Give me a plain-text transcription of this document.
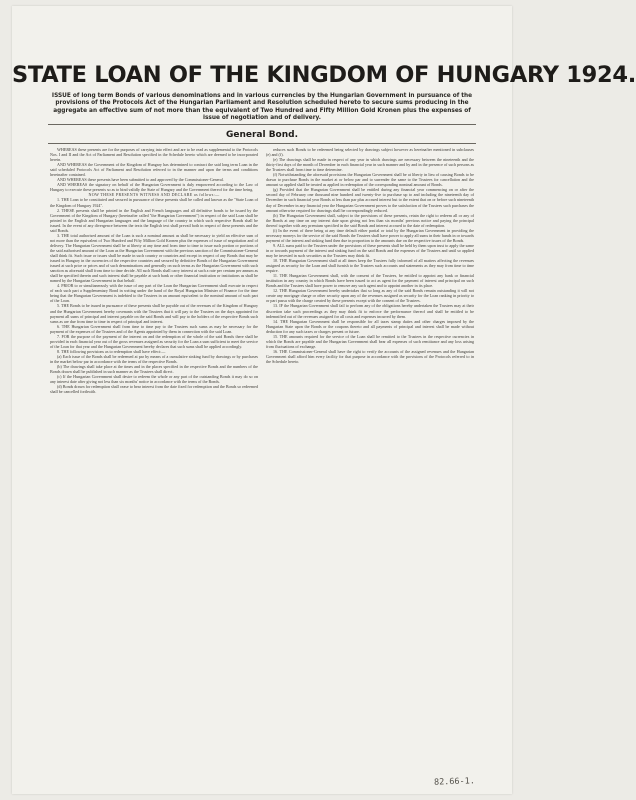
STATE LOAN OF THE KINGDOM OF HUNGARY 1924.
ISSUE of long term Bonds of various denominations and in various currencies by the Hungarian Government in pursuance of the provisions of the Protocols Act of the Hungarian Parliament and Resolution scheduled hereto to secure sums producing in the aggregate an effective sum of not more than the equivalent of Two Hundred and Fifty Million Gold Kronen plus the expenses of issue of negotiation and of delivery.
General Bond.

WHEREAS these presents are for the purposes of carrying into effect and are to be read as supplemental to the Protocols Nos. I and II and the Act of Parliament and Resolution specified in the Schedule hereto which are deemed to be incorporated herein.

AND WHEREAS the Government of the Kingdom of Hungary has determined to contract the said long term Loan in the said scheduled Protocols Act of Parliament and Resolution referred to in the manner and upon the terms and conditions hereinafter contained.

AND WHEREAS these presents have been submitted to and approved by the Commissioner-General.

AND WHEREAS the signatory on behalf of the Hungarian Government is duly empowered according to the Law of Hungary to execute these presents so as to bind validly the State of Hungary and the Government thereof for the time being.

NOW THESE PRESENTS WITNESS AND DECLARE as follows:—

1. THE Loan to be constituted and secured in pursuance of these presents shall be called and known as the "State Loan of the Kingdom of Hungary 1924".

2. THESE presents shall be printed in the English and French languages and all definitive bonds to be issued by the Government of the Kingdom of Hungary (hereinafter called "the Hungarian Government") in respect of the said Loan shall be printed in the English and Hungarian languages and the language of the country in which such respective Bonds shall be issued. In the event of any divergence between the texts the English text shall prevail both in respect of these presents and the said Bonds.

3. THE total authorised amount of the Loan is such a nominal amount as shall be necessary to yield an effective sum of not more than the equivalent of Two Hundred and Fifty Million Gold Kronen plus the expenses of issue of negotiation and of delivery. The Hungarian Government shall be at liberty at any time and from time to time to issue such portion or portions of the said authorised amount of the Loan as the Hungarian Government with the previous sanction of the Commissioner-General shall think fit. Such issue or issues shall be made in such country or countries and except in respect of any Bonds that may be issued in Hungary in the currencies of the respective countries and secured by definitive Bonds of the Hungarian Government issued at such price or prices and of such denominations and generally on such terms as the Hungarian Government with such sanction as aforesaid shall from time to time decide. All such Bonds shall carry interest at such a rate per centum per annum as shall be specified therein and such interest shall be payable at such bank or other financial institution or institutions as shall be named by the Hungarian Government in that behalf.

4. PRIOR to or simultaneously with the issue of any part of the Loan the Hungarian Government shall execute in respect of each such part a Supplementary Bond in writing under the hand of the Royal Hungarian Minister of Finance for the time being that the Hungarian Government is indebted to the Trustees in an amount equivalent to the nominal amount of such part of the Loan.

5. THE Bonds to be issued in pursuance of these presents shall be payable out of the revenues of the Kingdom of Hungary and the Hungarian Government hereby covenants with the Trustees that it will pay to the Trustees on the days appointed for payment all sums of principal and interest payable on the said Bonds and will pay to the holders of the respective Bonds such sums as are due from time to time in respect of principal and interest.

6. THE Hungarian Government shall from time to time pay to the Trustees such sums as may be necessary for the payment of the expenses of the Trustees and of the Agents appointed by them in connection with the said Loan.

7. FOR the purpose of the payment of the interest on and the redemption of the whole of the said Bonds there shall be provided in each financial year out of the gross revenues assigned as security for the Loan a sum sufficient to meet the service of the Loan for that year and the Hungarian Government hereby declares that such sums shall be applied accordingly.

8. THE following provisions as to redemption shall have effect:—

(a) Each issue of the Bonds shall be redeemed at par by means of a cumulative sinking fund by drawings or by purchases in the market below par in accordance with the terms of the respective Bonds.

(b) The drawings shall take place at the times and in the places specified in the respective Bonds and the numbers of the Bonds drawn shall be published in such manner as the Trustees shall direct.

(c) If the Hungarian Government shall desire to redeem the whole or any part of the outstanding Bonds it may do so on any interest date after giving not less than six months' notice in accordance with the terms of the Bonds.

(d) Bonds drawn for redemption shall cease to bear interest from the date fixed for redemption and the Bonds so redeemed shall be cancelled forthwith.

reduces such Bonds to be redeemed being selected by drawings subject however as hereinafter mentioned in subclauses (e) and (f).

(e) The drawings shall be made in respect of any year in which drawings are necessary between the nineteenth and the thirty-first days of the month of December in each financial year in such manner and by and in the presence of such persons as the Trustees shall from time to time determine.

(f) Notwithstanding the aforesaid provisions the Hungarian Government shall be at liberty in lieu of causing Bonds to be drawn to purchase Bonds in the market at or below par and to surrender the same to the Trustees for cancellation and the amount so applied shall be treated as applied in redemption of the corresponding nominal amount of Bonds.

(g) Provided that the Hungarian Government shall be entitled during any financial year commencing on or after the second day of February one thousand nine hundred and twenty-five to purchase up to and including the nineteenth day of December in such financial year Bonds at less than par plus accrued interest but to the extent that on or before such nineteenth day of December in any financial year the Hungarian Government proves to the satisfaction of the Trustees such purchases the amount otherwise required for drawings shall be correspondingly reduced.

(h) The Hungarian Government shall, subject to the provisions of these presents, retain the right to redeem all or any of the Bonds at any time on any interest date upon giving not less than six months' previous notice and paying the principal thereof together with any premium specified in the said Bonds and interest accrued to the date of redemption.

(i) In the event of there being at any time default either partial or total by the Hungarian Government in providing the necessary moneys for the service of the said Bonds the Trustees shall have power to apply all sums in their hands in or towards payment of the interest and sinking fund then due in proportion to the amounts due on the respective issues of the Bonds.

9. ALL sums paid to the Trustees under the provisions of these presents shall be held by them upon trust to apply the same in or towards payment of the interest and sinking fund on the said Bonds and the expenses of the Trustees and until so applied may be invested in such securities as the Trustees may think fit.

10. THE Hungarian Government shall at all times keep the Trustees fully informed of all matters affecting the revenues assigned as security for the Loan and shall furnish to the Trustees such accounts and statements as they may from time to time require.

11. THE Hungarian Government shall, with the consent of the Trustees, be entitled to appoint any bank or financial institution in any country in which Bonds have been issued to act as agent for the payment of interest and principal on such Bonds and the Trustees shall have power to remove any such agent and to appoint another in its place.

12. THE Hungarian Government hereby undertakes that so long as any of the said Bonds remain outstanding it will not create any mortgage charge or other security upon any of the revenues assigned as security for the Loan ranking in priority to or pari passu with the charge created by these presents except with the consent of the Trustees.

13. IF the Hungarian Government shall fail to perform any of the obligations hereby undertaken the Trustees may at their discretion take such proceedings as they may think fit to enforce the performance thereof and shall be entitled to be indemnified out of the revenues assigned for all costs and expenses incurred by them.

14. THE Hungarian Government shall be responsible for all taxes stamp duties and other charges imposed by the Hungarian State upon the Bonds or the coupons thereto and all payments of principal and interest shall be made without deduction for any such taxes or charges present or future.

15. THE amounts required for the service of the Loan shall be remitted to the Trustees in the respective currencies in which the Bonds are payable and the Hungarian Government shall bear all expenses of such remittance and any loss arising from fluctuations of exchange.

16. THE Commissioner-General shall have the right to verify the accounts of the assigned revenues and the Hungarian Government shall afford him every facility for that purpose in accordance with the provisions of the Protocols referred to in the Schedule hereto.

82.66-1.
